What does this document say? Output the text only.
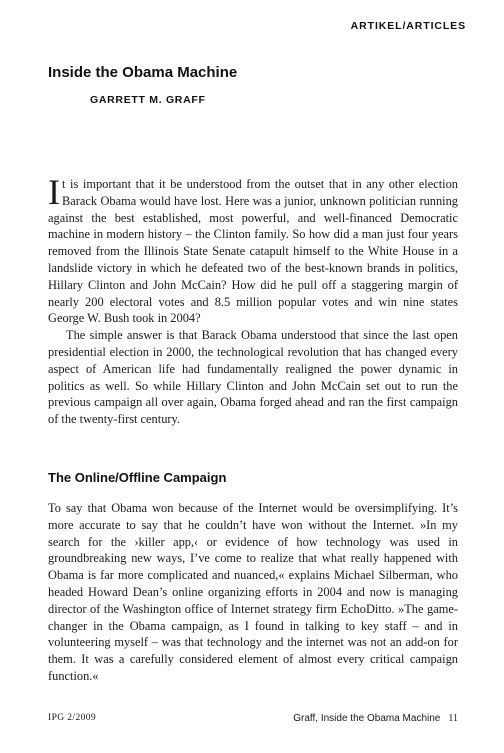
ARTIKEL/ARTICLES
Inside the Obama Machine
GARRETT M. GRAFF

It is important that it be understood from the outset that in any other election Barack Obama would have lost. Here was a junior, unknown politician running against the best established, most powerful, and well-financed Democratic machine in modern history – the Clinton family. So how did a man just four years removed from the Illinois State Senate catapult himself to the White House in a landslide victory in which he defeated two of the best-known brands in politics, Hillary Clinton and John McCain? How did he pull off a staggering margin of nearly 200 electoral votes and 8.5 million popular votes and win nine states George W. Bush took in 2004?

The simple answer is that Barack Obama understood that since the last open presidential election in 2000, the technological revolution that has changed every aspect of American life had fundamentally realigned the power dynamic in politics as well. So while Hillary Clinton and John McCain set out to run the previous campaign all over again, Obama forged ahead and ran the first campaign of the twenty-first century.

The Online/Offline Campaign

To say that Obama won because of the Internet would be oversimplifying. It’s more accurate to say that he couldn’t have won without the Internet. »In my search for the ›killer app,‹ or evidence of how technology was used in groundbreaking new ways, I’ve come to realize that what really happened with Obama is far more complicated and nuanced,« explains Michael Silberman, who headed Howard Dean’s online organizing efforts in 2004 and now is managing director of the Washington office of Internet strategy firm EchoDitto. »The game-changer in the Obama campaign, as I found in talking to key staff – and in volunteering myself – was that technology and the internet was not an add-on for them. It was a carefully considered element of almost every critical campaign function.«

IPG 2/2009	Graff, Inside the Obama Machine 11
